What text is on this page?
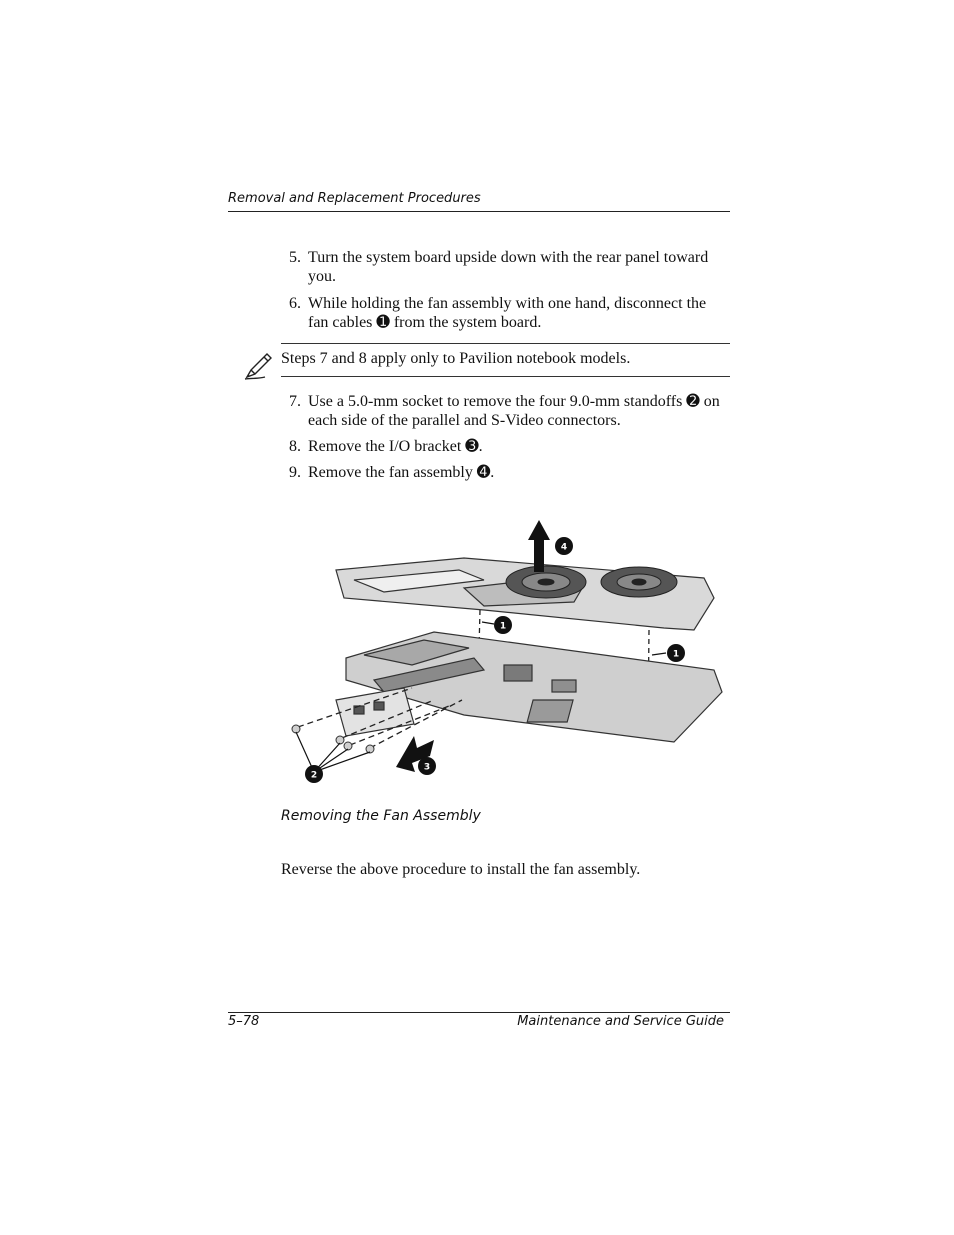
Removal and Replacement Procedures
5. Turn the system board upside down with the rear panel toward you.
6. While holding the fan assembly with one hand, disconnect the fan cables ➊ from the system board.
Steps 7 and 8 apply only to Pavilion notebook models.
7. Use a 5.0-mm socket to remove the four 9.0-mm standoffs ➋ on each side of the parallel and S-Video connectors.
8. Remove the I/O bracket ➌.
9. Remove the fan assembly ➍.
4
1
1
2
3
Removing the Fan Assembly
Reverse the above procedure to install the fan assembly.
5–78	Maintenance and Service Guide
